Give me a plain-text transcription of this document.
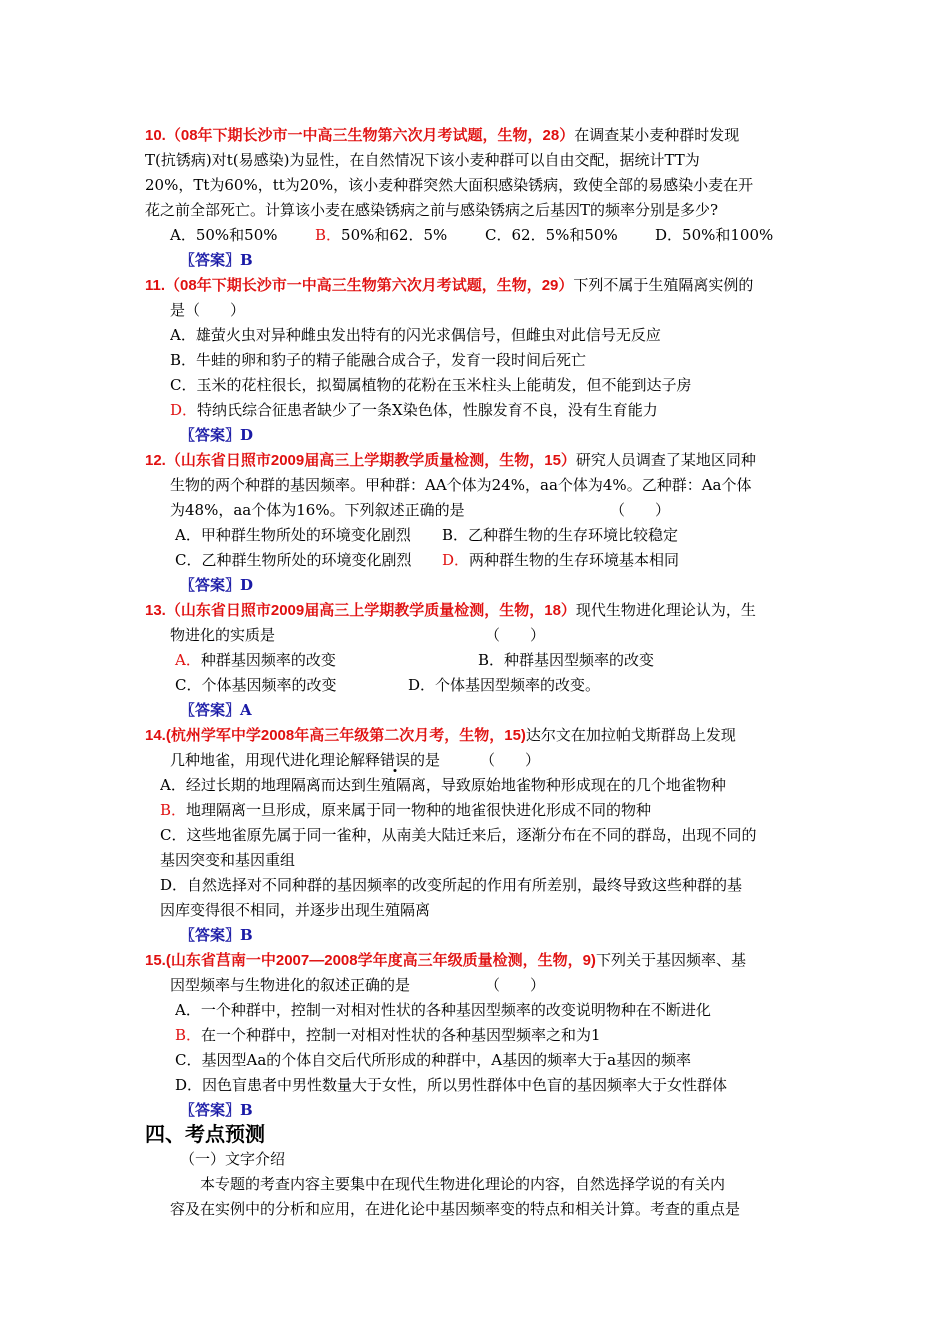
10.（08年下期长沙市一中高三生物第六次月考试题，生物，28）在调查某小麦种群时发现
T(抗锈病)对t(易感染)为显性，在自然情况下该小麦种群可以自由交配，据统计TT为
20%，Tt为60%，tt为20%，该小麦种群突然大面积感染锈病，致使全部的易感染小麦在开
花之前全部死亡。计算该小麦在感染锈病之前与感染锈病之后基因T的频率分别是多少?
A．50%和50% B．50%和62．5%	C．62．5%和50% D．50%和100%
〖答案〗B
11.（08年下期长沙市一中高三生物第六次月考试题，生物，29）下列不属于生殖隔离实例的
是（　　）
A．雄萤火虫对异种雌虫发出特有的闪光求偶信号，但雌虫对此信号无反应
B．牛蛙的卵和豹子的精子能融合成合子，发育一段时间后死亡
C．玉米的花柱很长，拟蜀属植物的花粉在玉米柱头上能萌发，但不能到达子房
D．特纳氏综合征患者缺少了一条X染色体，性腺发育不良，没有生育能力
〖答案〗D
12.（山东省日照市2009届高三上学期教学质量检测，生物，15）研究人员调查了某地区同种
生物的两个种群的基因频率。甲种群：AA个体为24%，aa个体为4%。乙种群：Aa个体
为48%，aa个体为16%。下列叙述正确的是	（　　）
A．甲种群生物所处的环境变化剧烈 B．乙种群生物的生存环境比较稳定
C．乙种群生物所处的环境变化剧烈 D．两种群生物的生存环境基本相同
〖答案〗D
13.（山东省日照市2009届高三上学期教学质量检测，生物，18）现代生物进化理论认为，生
物进化的实质是	（　　）
A．种群基因频率的改变	B．种群基因型频率的改变
C．个体基因频率的改变	D．个体基因型频率的改变。
〖答案〗A
14.(杭州学军中学2008年高三年级第二次月考，生物，15)达尔文在加拉帕戈斯群岛上发现
几种地雀，用现代进化理论解释错误的是	（　　）
A．经过长期的地理隔离而达到生殖隔离，导致原始地雀物种形成现在的几个地雀物种
B．地理隔离一旦形成，原来属于同一物种的地雀很快进化形成不同的物种
C．这些地雀原先属于同一雀种，从南美大陆迁来后，逐渐分布在不同的群岛，出现不同的
基因突变和基因重组
D．自然选择对不同种群的基因频率的改变所起的作用有所差别，最终导致这些种群的基
因库变得很不相同，并逐步出现生殖隔离
〖答案〗B
15.(山东省莒南一中2007—2008学年度高三年级质量检测，生物，9)下列关于基因频率、基
因型频率与生物进化的叙述正确的是	（　　）
A．一个种群中，控制一对相对性状的各种基因型频率的改变说明物种在不断进化
B．在一个种群中，控制一对相对性状的各种基因型频率之和为1
C．基因型Aa的个体自交后代所形成的种群中，A基因的频率大于a基因的频率
D．因色盲患者中男性数量大于女性，所以男性群体中色盲的基因频率大于女性群体
〖答案〗B
四、考点预测
（一）文字介绍
本专题的考查内容主要集中在现代生物进化理论的内容，自然选择学说的有关内
容及在实例中的分析和应用，在进化论中基因频率变的特点和相关计算。考查的重点是
